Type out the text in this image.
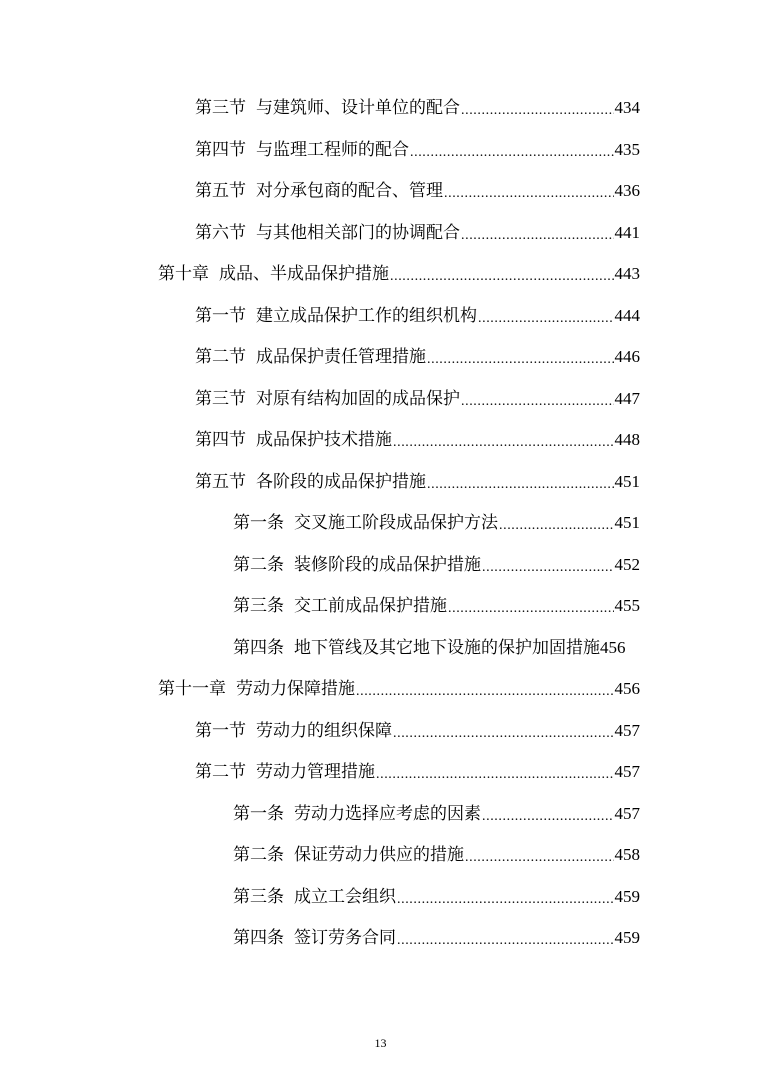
第三节 与建筑师、设计单位的配合 .....	434
第四节 与监理工程师的配合 .....	435
第五节 对分承包商的配合、管理 .....	436
第六节 与其他相关部门的协调配合 .....	441
第十章 成品、半成品保护措施 .....	443
第一节 建立成品保护工作的组织机构 .....	444
第二节 成品保护责任管理措施 .....	446
第三节 对原有结构加固的成品保护 .....	447
第四节 成品保护技术措施 .....	448
第五节 各阶段的成品保护措施 .....	451
第一条 交叉施工阶段成品保护方法 .....	451
第二条 装修阶段的成品保护措施 .....	452
第三条 交工前成品保护措施 .....	455
第四条 地下管线及其它地下设施的保护加固措施 456
第十一章 劳动力保障措施 .....	456
第一节 劳动力的组织保障 .....	457
第二节 劳动力管理措施 .....	457
第一条 劳动力选择应考虑的因素 .....	457
第二条 保证劳动力供应的措施 .....	458
第三条 成立工会组织 .....	459
第四条 签订劳务合同 .....	459
13
